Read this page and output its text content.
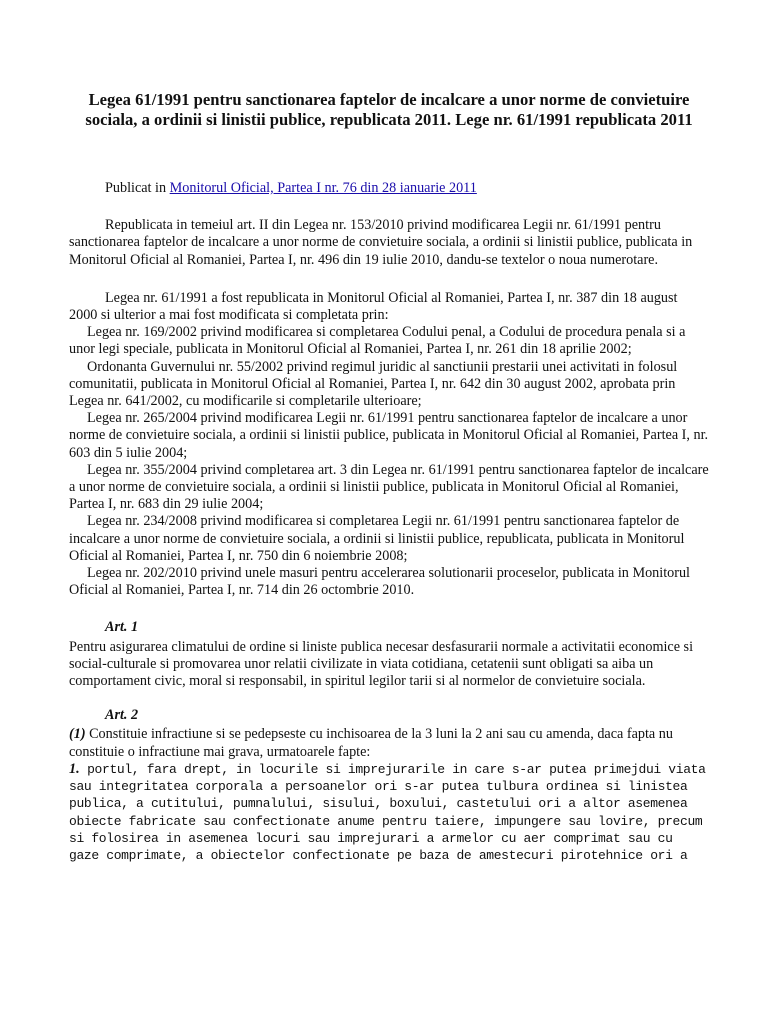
Legea 61/1991 pentru sanctionarea faptelor de incalcare a unor norme de convietuire sociala, a ordinii si linistii publice, republicata 2011. Lege nr. 61/1991 republicata 2011

Publicat in Monitorul Oficial, Partea I nr. 76 din 28 ianuarie 2011

Republicata in temeiul art. II din Legea nr. 153/2010 privind modificarea Legii nr. 61/1991 pentru sanctionarea faptelor de incalcare a unor norme de convietuire sociala, a ordinii si linistii publice, publicata in Monitorul Oficial al Romaniei, Partea I, nr. 496 din 19 iulie 2010, dandu-se textelor o noua numerotare.

Legea nr. 61/1991 a fost republicata in Monitorul Oficial al Romaniei, Partea I, nr. 387 din 18 august 2000 si ulterior a mai fost modificata si completata prin:

Legea nr. 169/2002 privind modificarea si completarea Codului penal, a Codului de procedura penala si a unor legi speciale, publicata in Monitorul Oficial al Romaniei, Partea I, nr. 261 din 18 aprilie 2002;

Ordonanta Guvernului nr. 55/2002 privind regimul juridic al sanctiunii prestarii unei activitati in folosul comunitatii, publicata in Monitorul Oficial al Romaniei, Partea I, nr. 642 din 30 august 2002, aprobata prin Legea nr. 641/2002, cu modificarile si completarile ulterioare;

Legea nr. 265/2004 privind modificarea Legii nr. 61/1991 pentru sanctionarea faptelor de incalcare a unor norme de convietuire sociala, a ordinii si linistii publice, publicata in Monitorul Oficial al Romaniei, Partea I, nr. 603 din 5 iulie 2004;

Legea nr. 355/2004 privind completarea art. 3 din Legea nr. 61/1991 pentru sanctionarea faptelor de incalcare a unor norme de convietuire sociala, a ordinii si linistii publice, publicata in Monitorul Oficial al Romaniei, Partea I, nr. 683 din 29 iulie 2004;

Legea nr. 234/2008 privind modificarea si completarea Legii nr. 61/1991 pentru sanctionarea faptelor de incalcare a unor norme de convietuire sociala, a ordinii si linistii publice, republicata, publicata in Monitorul Oficial al Romaniei, Partea I, nr. 750 din 6 noiembrie 2008;

Legea nr. 202/2010 privind unele masuri pentru accelerarea solutionarii proceselor, publicata in Monitorul Oficial al Romaniei, Partea I, nr. 714 din 26 octombrie 2010.

Art. 1

Pentru asigurarea climatului de ordine si liniste publica necesar desfasurarii normale a activitatii economice si social-culturale si promovarea unor relatii civilizate in viata cotidiana, cetatenii sunt obligati sa aiba un comportament civic, moral si responsabil, in spiritul legilor tarii si al normelor de convietuire sociala.

Art. 2

(1) Constituie infractiune si se pedepseste cu inchisoarea de la 3 luni la 2 ani sau cu amenda, daca fapta nu constituie o infractiune mai grava, urmatoarele fapte:

1. portul, fara drept, in locurile si imprejurarile in care s-ar putea primejdui viata sau integritatea corporala a persoanelor ori s-ar putea tulbura ordinea si linistea publica, a cutitului, pumnalului, sisului, boxului, castetului ori a altor asemenea obiecte fabricate sau confectionate anume pentru taiere, impungere sau lovire, precum si folosirea in asemenea locuri sau imprejurari a armelor cu aer comprimat sau cu gaze comprimate, a obiectelor confectionate pe baza de amestecuri pirotehnice ori a
